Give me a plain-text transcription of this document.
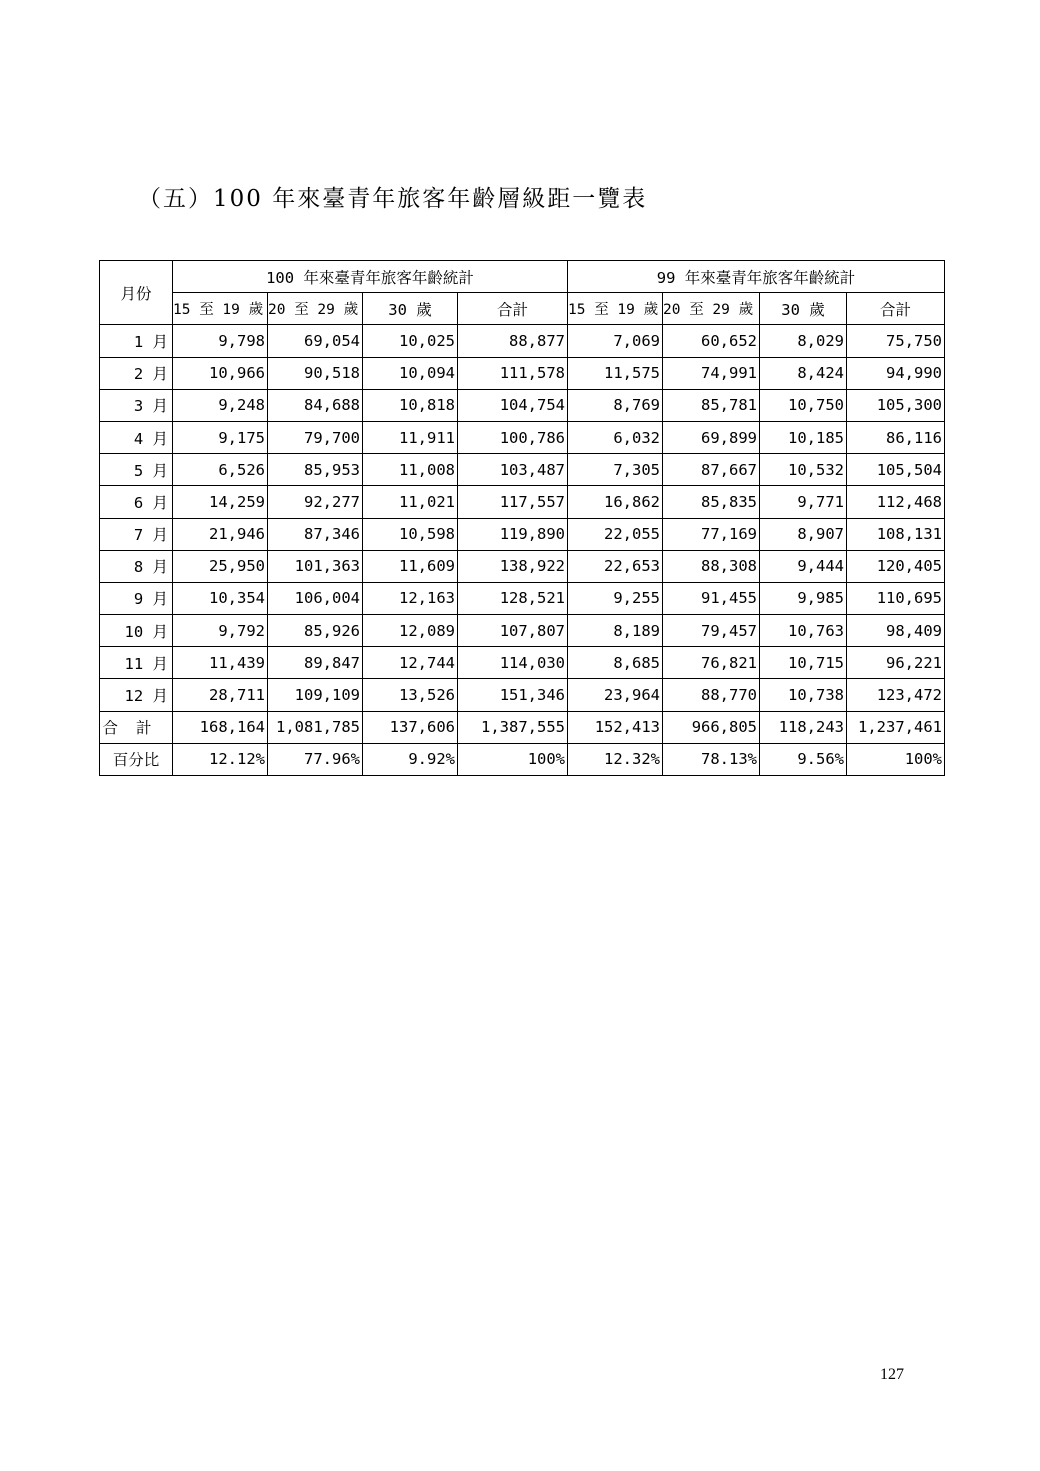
（五）100 年來臺青年旅客年齡層級距一覽表
月份	100 年來臺青年旅客年齡統計				99 年來臺青年旅客年齡統計			
	15 至 19 歲	20 至 29 歲	30 歲	合計	15 至 19 歲	20 至 29 歲	30 歲	合計
1 月	9,798	69,054	10,025	88,877	7,069	60,652	8,029	75,750
2 月	10,966	90,518	10,094	111,578	11,575	74,991	8,424	94,990
3 月	9,248	84,688	10,818	104,754	8,769	85,781	10,750	105,300
4 月	9,175	79,700	11,911	100,786	6,032	69,899	10,185	86,116
5 月	6,526	85,953	11,008	103,487	7,305	87,667	10,532	105,504
6 月	14,259	92,277	11,021	117,557	16,862	85,835	9,771	112,468
7 月	21,946	87,346	10,598	119,890	22,055	77,169	8,907	108,131
8 月	25,950	101,363	11,609	138,922	22,653	88,308	9,444	120,405
9 月	10,354	106,004	12,163	128,521	9,255	91,455	9,985	110,695
10 月	9,792	85,926	12,089	107,807	8,189	79,457	10,763	98,409
11 月	11,439	89,847	12,744	114,030	8,685	76,821	10,715	96,221
12 月	28,711	109,109	13,526	151,346	23,964	88,770	10,738	123,472
合計	168,164	1,081,785	137,606	1,387,555	152,413	966,805	118,243	1,237,461
百分比	12.12%	77.96%	9.92%	100%	12.32%	78.13%	9.56%	100%
127
